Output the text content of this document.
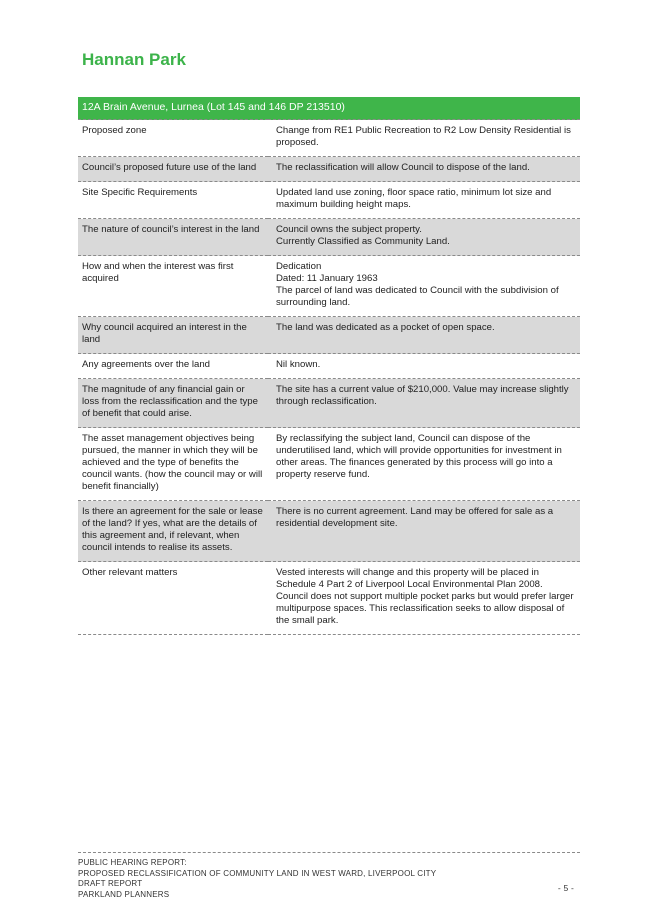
Hannan Park
12A Brain Avenue, Lurnea (Lot 145 and 146 DP 213510)	
Proposed zone	Change from RE1 Public Recreation to R2 Low Density Residential is proposed.
Council’s proposed future use of the land	The reclassification will allow Council to dispose of the land.
Site Specific Requirements	Updated land use zoning, floor space ratio, minimum lot size and maximum building height maps.
The nature of council’s interest in the land	Council owns the subject property.
Currently Classified as Community Land.
How and when the interest was first acquired	Dedication
Dated: 11 January 1963
The parcel of land was dedicated to Council with the subdivision of surrounding land.
Why council acquired an interest in the land	The land was dedicated as a pocket of open space.
Any agreements over the land	Nil known.
The magnitude of any financial gain or loss from the reclassification and the type of benefit that could arise.	The site has a current value of $210,000. Value may increase slightly through reclassification.
The asset management objectives being pursued, the manner in which they will be achieved and the type of benefits the council wants. (how the council may or will benefit financially)	By reclassifying the subject land, Council can dispose of the underutilised land, which will provide opportunities for investment in other areas. The finances generated by this process will go into a property reserve fund.
Is there an agreement for the sale or lease of the land? If yes, what are the details of this agreement and, if relevant, when council intends to realise its assets.	There is no current agreement. Land may be offered for sale as a residential development site.
Other relevant matters	Vested interests will change and this property will be placed in Schedule 4 Part 2 of Liverpool Local Environmental Plan 2008. Council does not support multiple pocket parks but would prefer larger multipurpose spaces. This reclassification seeks to allow disposal of the small park.
PUBLIC HEARING REPORT:
PROPOSED RECLASSIFICATION OF COMMUNITY LAND IN WEST WARD, LIVERPOOL CITY
DRAFT REPORT
PARKLAND PLANNERS
- 5 -
